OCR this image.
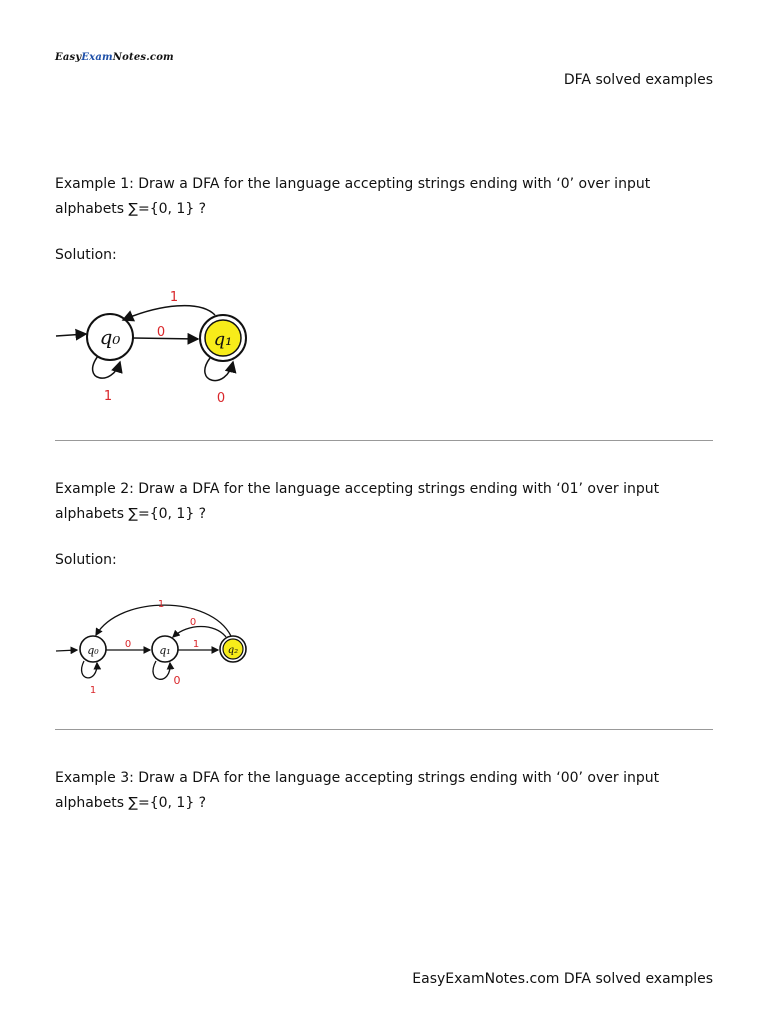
EasyExamNotes.com
DFA solved examples
Example 1: Draw a DFA for the language accepting strings ending with ‘0’ over input alphabets ∑={0, 1} ?
Solution:
q₀	q₁
0
1
1	0
Example 2: Draw a DFA for the language accepting strings ending with ‘01’ over input alphabets ∑={0, 1} ?
Solution:
q₀	q₁	q₂
0	1
0
1
1
0
Example 3: Draw a DFA for the language accepting strings ending with ‘00’ over input alphabets ∑={0, 1} ?
EasyExamNotes.com DFA solved examples
